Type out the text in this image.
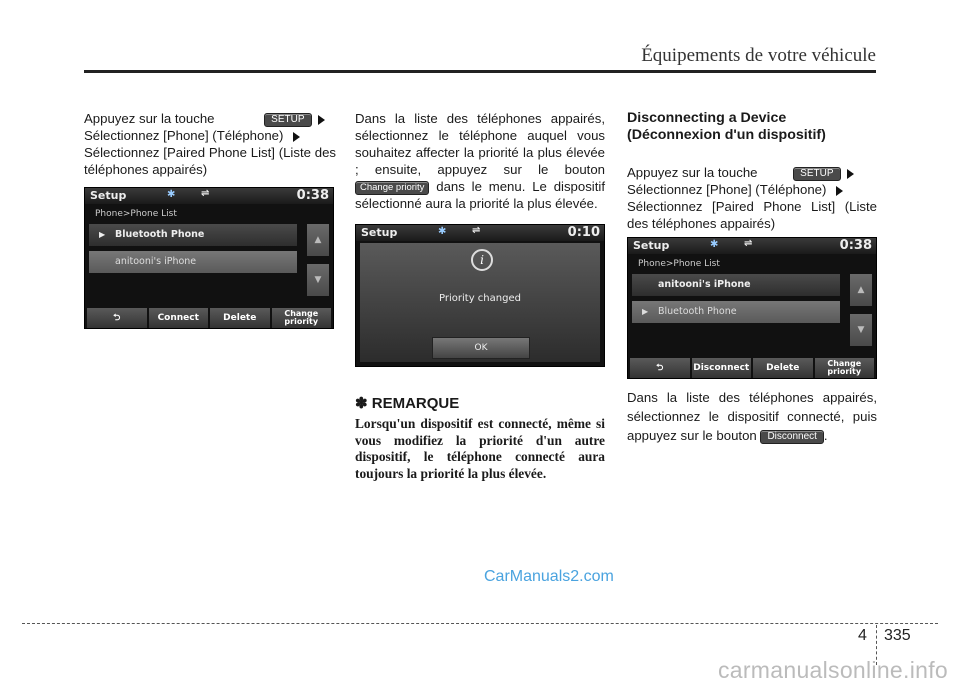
Équipements de votre véhicule

Appuyez sur la touche	SETUP
Sélectionnez [Phone] (Téléphone)
Sélectionnez [Paired Phone List] (Liste des téléphones appairés)

Setup	✱	⇌	0:38
Phone>Phone List
▶ Bluetooth Phone
anitooni's iPhone
▲
▼
⮌	Connect	Delete	Change
priority

Dans la liste des téléphones appairés, sélectionnez le téléphone auquel vous souhaitez affecter la priorité la plus élevée ; ensuite, appuyez sur le bouton Change priority dans le menu. Le dispositif sélectionné aura la priorité la plus élevée.

Setup	✱	⇌	0:10
i
Priority changed
OK
✽ REMARQUE
Lorsqu'un dispositif est connecté, même si vous modifiez la priorité d'un autre dispositif, le téléphone connecté aura toujours la priorité la plus élevée.
Disconnecting a Device
(Déconnexion d'un dispositif)

Appuyez sur la touche	SETUP
Sélectionnez [Phone] (Téléphone)
Sélectionnez [Paired Phone List] (Liste des téléphones appairés)

Setup	✱	⇌	0:38
Phone>Phone List
anitooni's iPhone
▶ Bluetooth Phone
▲
▼
⮌	Disconnect	Delete	Change
priority
Dans la liste des téléphones appairés, sélectionnez le dispositif connecté, puis appuyez sur le bouton Disconnect .
CarManuals2.com
4 335
carmanualsonline.info
